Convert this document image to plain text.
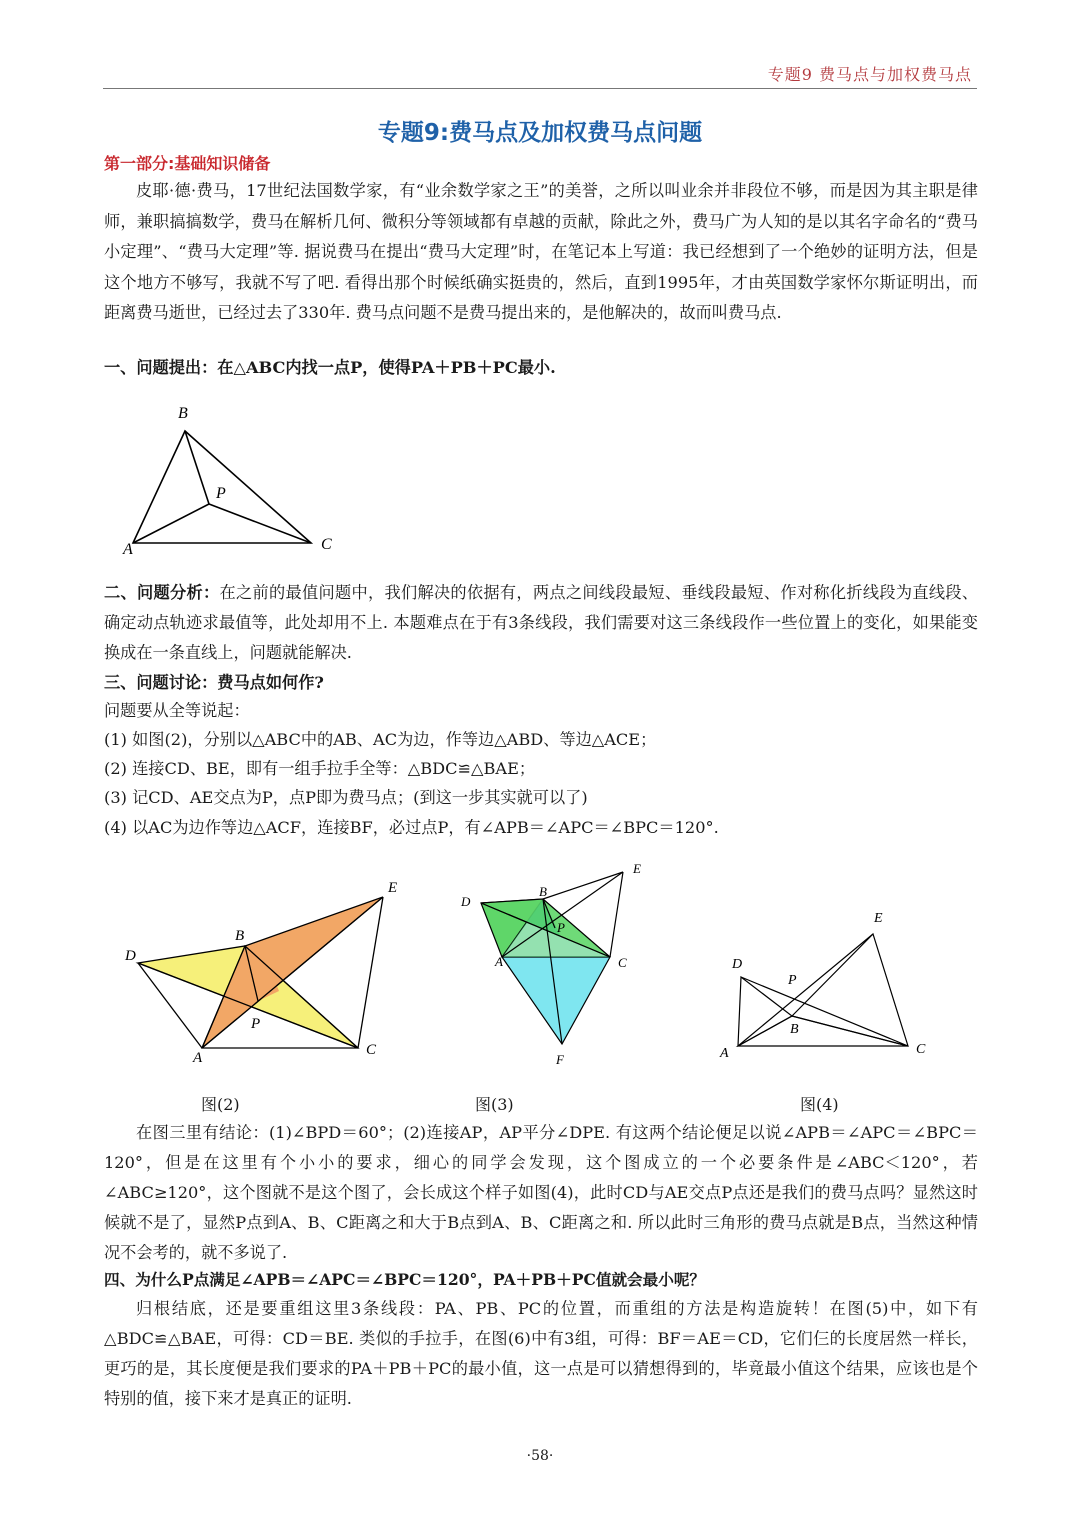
专题9 费马点与加权费马点
专题9:费马点及加权费马点问题
第一部分:基础知识储备
皮耶·德·费马，17世纪法国数学家，有“业余数学家之王”的美誉，之所以叫业余并非段位不够，而是因为其主职是律师，兼职搞搞数学，费马在解析几何、微积分等领域都有卓越的贡献，除此之外，费马广为人知的是以其名字命名的“费马小定理”、“费马大定理”等. 据说费马在提出“费马大定理”时，在笔记本上写道：我已经想到了一个绝妙的证明方法，但是这个地方不够写，我就不写了吧. 看得出那个时候纸确实挺贵的，然后，直到1995年，才由英国数学家怀尔斯证明出，而距离费马逝世，已经过去了330年. 费马点问题不是费马提出来的，是他解决的，故而叫费马点.
一、问题提出：在△ABC内找一点P，使得PA＋PB＋PC最小.
B
P
A	C
二、问题分析：在之前的最值问题中，我们解决的依据有，两点之间线段最短、垂线段最短、作对称化折线段为直线段、确定动点轨迹求最值等，此处却用不上. 本题难点在于有3条线段，我们需要对这三条线段作一些位置上的变化，如果能变换成在一条直线上，问题就能解决.
三、问题讨论：费马点如何作?
问题要从全等说起：
(1) 如图(2)，分别以△ABC中的AB、AC为边，作等边△ABD、等边△ACE；
(2) 连接CD、BE，即有一组手拉手全等：△BDC≌△BAE；
(3) 记CD、AE交点为P，点P即为费马点；(到这一步其实就可以了)
(4) 以AC为边作等边△ACF，连接BF，必过点P，有∠APB＝∠APC＝∠BPC＝120°.
E
B
D
P
A	C
E
B
D
P
A	C
F
E
D
P
B
A	C
图(2)	图(3)	图(4)
在图三里有结论：(1)∠BPD＝60°；(2)连接AP，AP平分∠DPE. 有这两个结论便足以说∠APB＝∠APC＝∠BPC＝120°，但是在这里有个小小的要求，细心的同学会发现，这个图成立的一个必要条件是∠ABC＜120°，若∠ABC≥120°，这个图就不是这个图了，会长成这个样子如图(4)，此时CD与AE交点P点还是我们的费马点吗？显然这时候就不是了，显然P点到A、B、C距离之和大于B点到A、B、C距离之和. 所以此时三角形的费马点就是B点，当然这种情况不会考的，就不多说了.
四、为什么P点满足∠APB＝∠APC＝∠BPC＝120°，PA＋PB＋PC值就会最小呢？
归根结底，还是要重组这里3条线段：PA、PB、PC的位置，而重组的方法是构造旋转！在图(5)中，如下有△BDC≌△BAE，可得：CD＝BE. 类似的手拉手，在图(6)中有3组，可得：BF＝AE＝CD，它们仨的长度居然一样长，更巧的是，其长度便是我们要求的PA＋PB＋PC的最小值，这一点是可以猜想得到的，毕竟最小值这个结果，应该也是个特别的值，接下来才是真正的证明.
·58·
